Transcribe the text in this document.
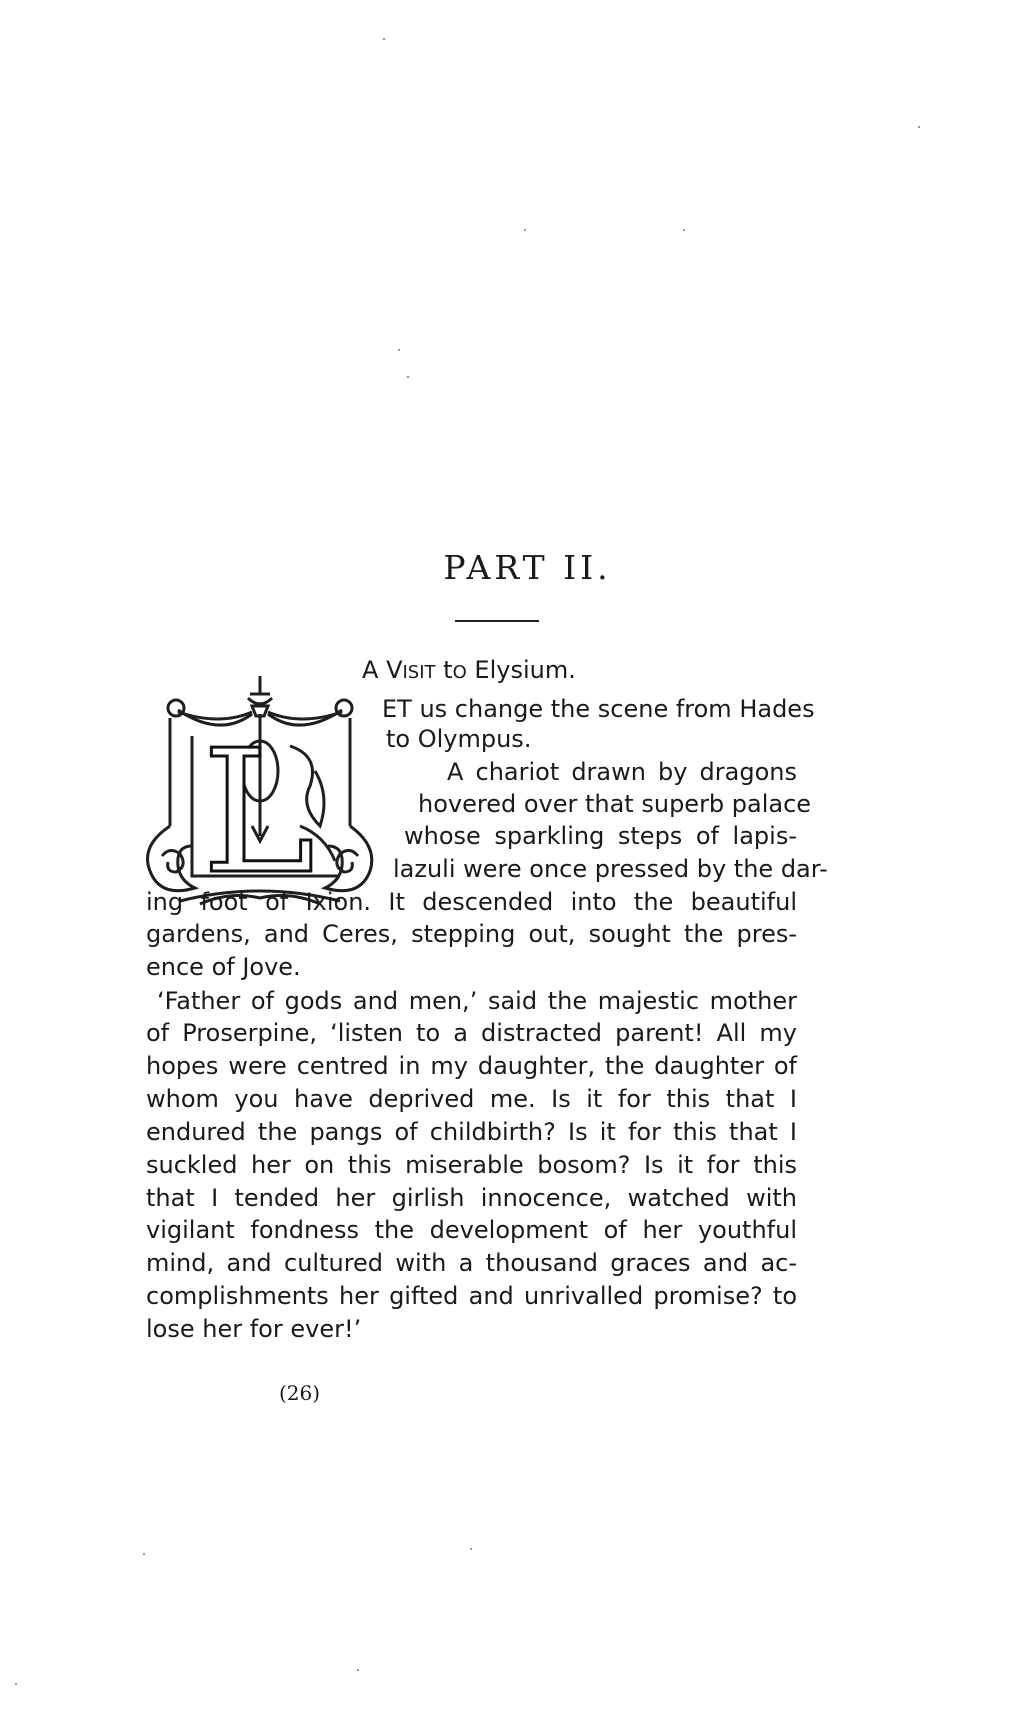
PART II.
A VISIT tO Elysium.
L
ET us change the scene from Hades
to Olympus.
A chariot drawn by dragons
hovered over that superb palace
whose sparkling steps of lapis-
lazuli were once pressed by the dar-
ing foot of Ixion. It descended into the beautiful
gardens, and Ceres, stepping out, sought the pres-
ence of Jove.
‘Father of gods and men,’ said the majestic mother
of Proserpine, ‘listen to a distracted parent! All my
hopes were centred in my daughter, the daughter of
whom you have deprived me. Is it for this that I
endured the pangs of childbirth? Is it for this that I
suckled her on this miserable bosom? Is it for this
that I tended her girlish innocence, watched with
vigilant fondness the development of her youthful
mind, and cultured with a thousand graces and ac-
complishments her gifted and unrivalled promise? to
lose her for ever!’
(26)
